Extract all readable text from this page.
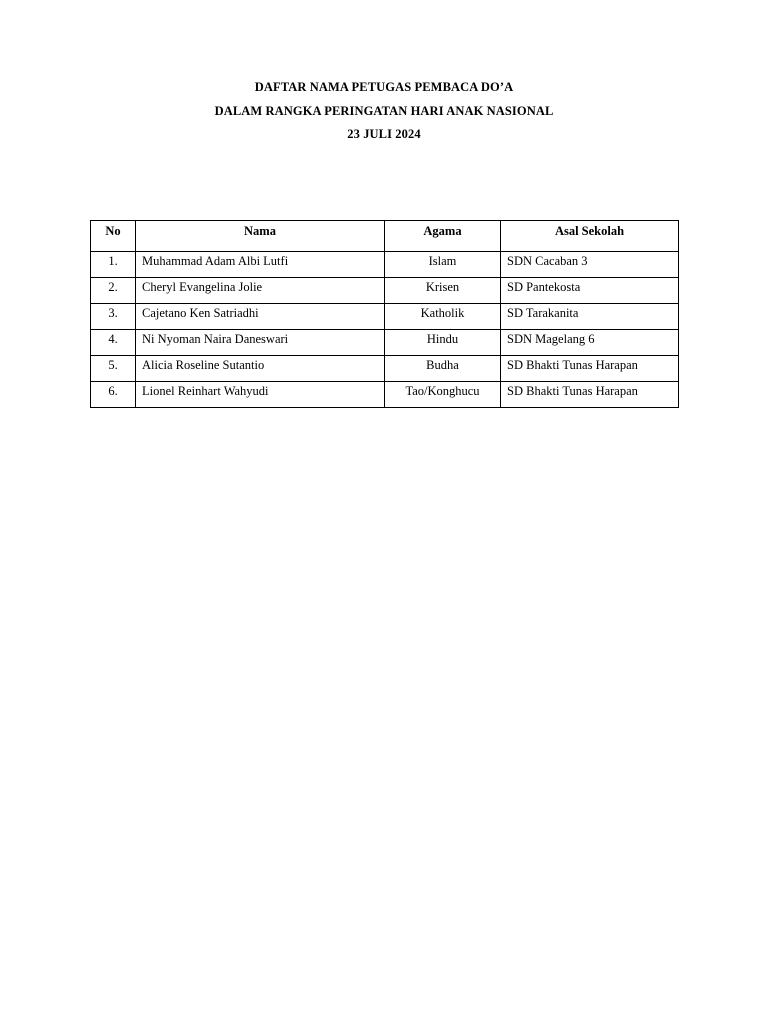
DAFTAR NAMA PETUGAS PEMBACA DO’A

DALAM RANGKA PERINGATAN HARI ANAK NASIONAL

23 JULI 2024

No	Nama	Agama	Asal Sekolah
1.	Muhammad Adam Albi Lutfi	Islam	SDN Cacaban 3
2.	Cheryl Evangelina Jolie	Krisen	SD Pantekosta
3.	Cajetano Ken Satriadhi	Katholik	SD Tarakanita
4.	Ni Nyoman Naira Daneswari	Hindu	SDN Magelang 6
5.	Alicia Roseline Sutantio	Budha	SD Bhakti Tunas Harapan
6.	Lionel Reinhart Wahyudi	Tao/Konghucu	SD Bhakti Tunas Harapan
